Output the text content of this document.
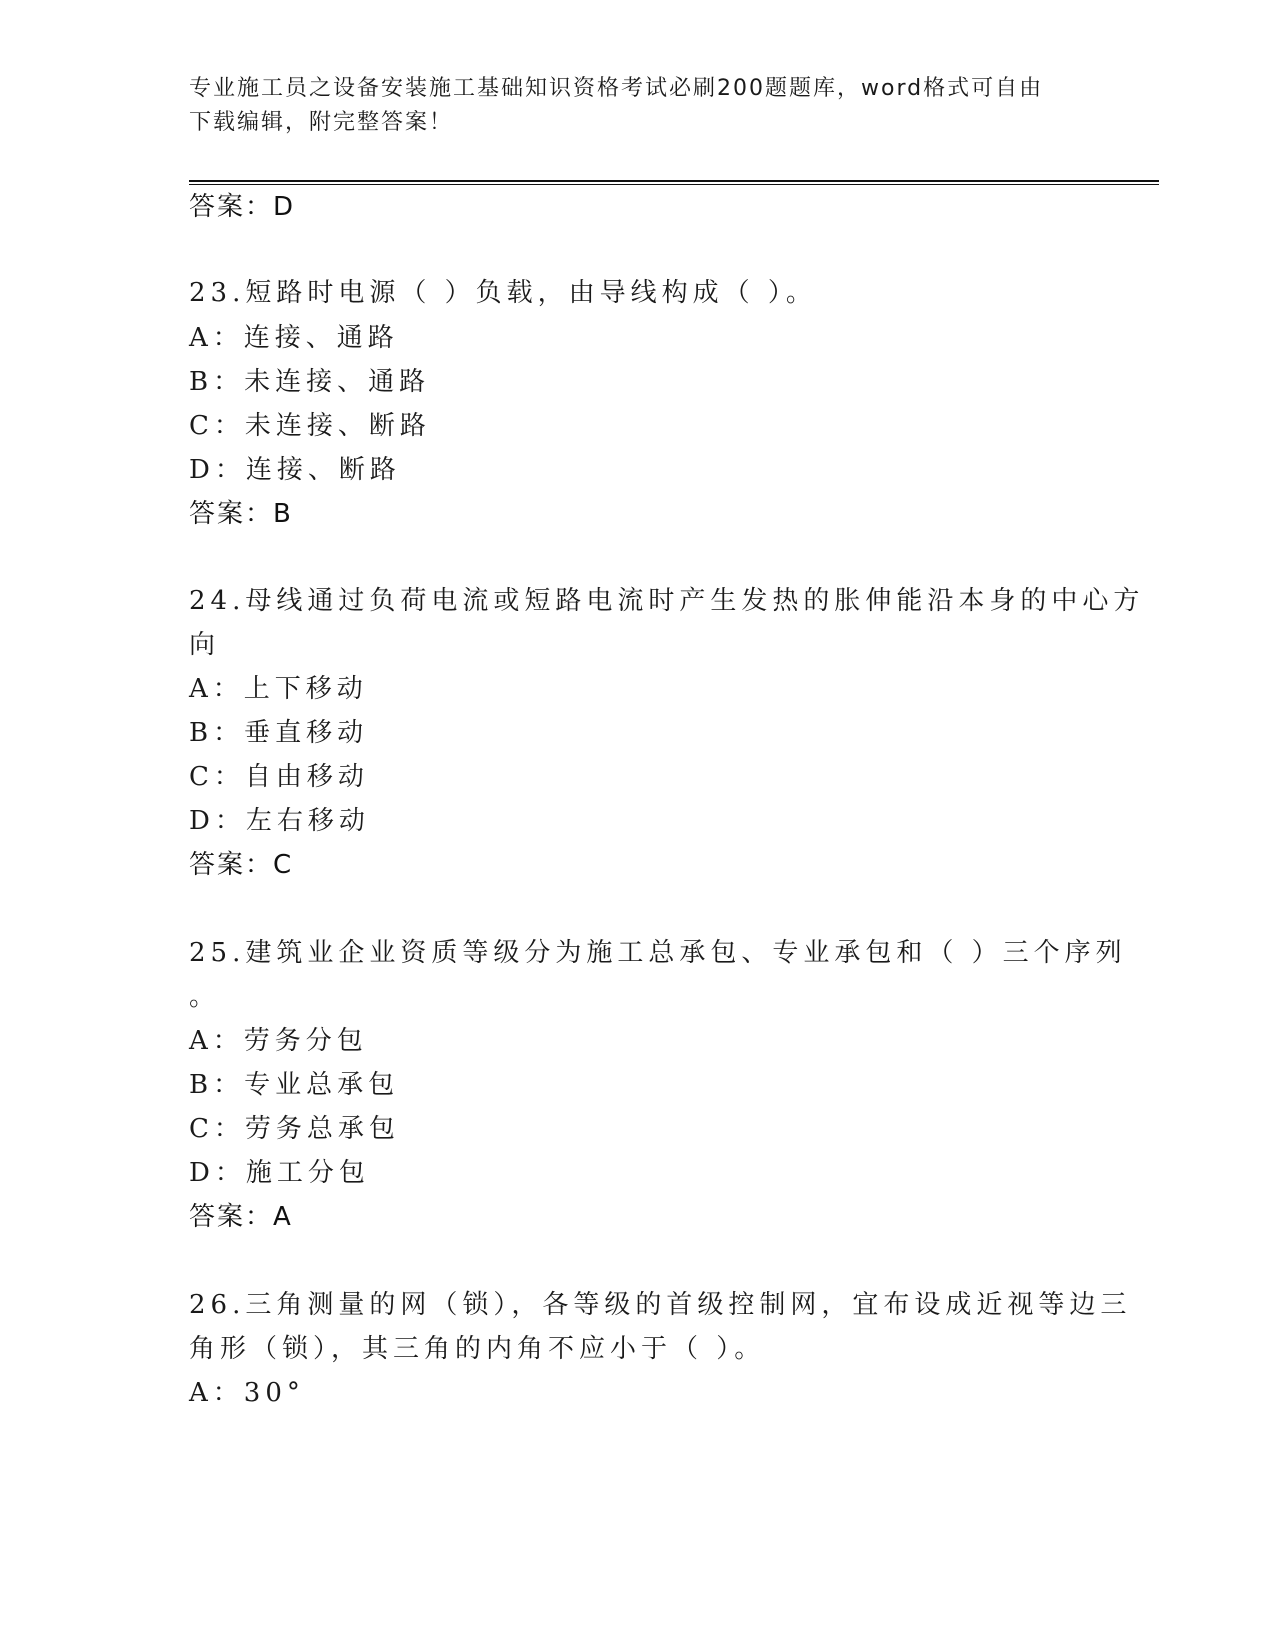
专业施工员之设备安装施工基础知识资格考试必刷200题题库，word格式可自由
下载编辑，附完整答案！
答案：D
23.短路时电源（ ）负载，由导线构成（ ）。
A：连接、通路
B：未连接、通路
C：未连接、断路
D：连接、断路
答案：B
24.母线通过负荷电流或短路电流时产生发热的胀伸能沿本身的中心方
向
A：上下移动
B：垂直移动
C：自由移动
D：左右移动
答案：C
25.建筑业企业资质等级分为施工总承包、专业承包和（ ）三个序列
。
A：劳务分包
B：专业总承包
C：劳务总承包
D：施工分包
答案：A
26.三角测量的网（锁），各等级的首级控制网，宜布设成近视等边三
角形（锁），其三角的内角不应小于（ ）。
A：30°
